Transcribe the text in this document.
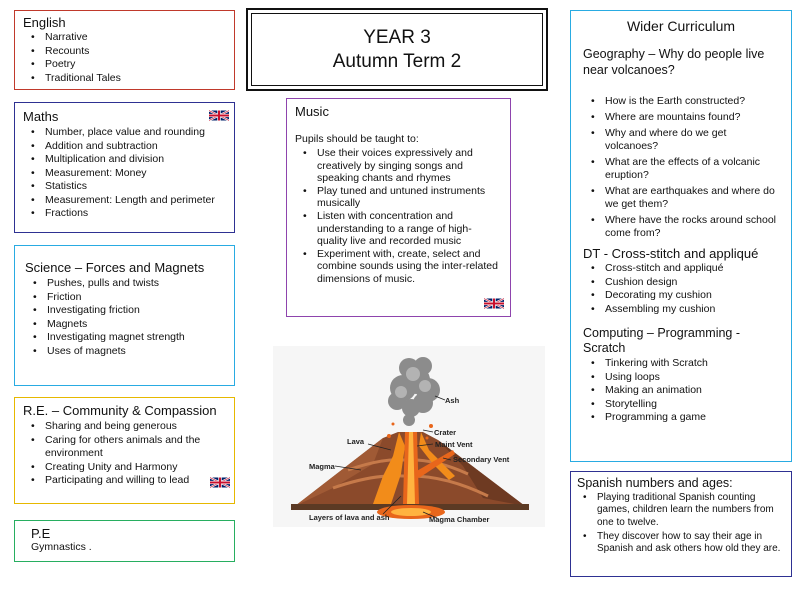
English
• Narrative
• Recounts
• Poetry
• Traditional Tales
YEAR 3
Autumn Term 2
Maths
• Number, place value and rounding
• Addition and subtraction
• Multiplication and division
• Measurement: Money
• Statistics
• Measurement: Length and perimeter
• Fractions
Music
Pupils should be taught to:
• Use their voices expressively and creatively by singing songs and speaking chants and rhymes
• Play tuned and untuned instruments musically
• Listen with concentration and understanding to a range of high-quality live and recorded music
• Experiment with, create, select and combine sounds using the inter-related dimensions of music.
Science – Forces and Magnets
• Pushes, pulls and twists
• Friction
• Investigating friction
• Magnets
• Investigating magnet strength
• Uses of magnets
R.E. – Community & Compassion
• Sharing and being generous
• Caring for others animals and the environment
• Creating Unity and Harmony
• Participating and willing to lead
P.E
Gymnastics .
Ash
Crater
Lava	Maint Vent
Secondary Vent
Magma
Layers of lava and ash	Magma Chamber
Wider Curriculum
Geography – Why do people live near volcanoes?
• How is the Earth constructed?
• Where are mountains found?
• Why and where do we get volcanoes?
• What are the effects of a volcanic eruption?
• What are earthquakes and where do we get them?
• Where have the rocks around school come from?
DT - Cross-stitch and appliqué
• Cross-stitch and appliqué
• Cushion design
• Decorating my cushion
• Assembling my cushion
Computing – Programming - Scratch
• Tinkering with Scratch
• Using loops
• Making an animation
• Storytelling
• Programming a game
Spanish numbers and ages:
• Playing traditional Spanish counting games, children learn the numbers from one to twelve.
• They discover how to say their age in Spanish and ask others how old they are.
